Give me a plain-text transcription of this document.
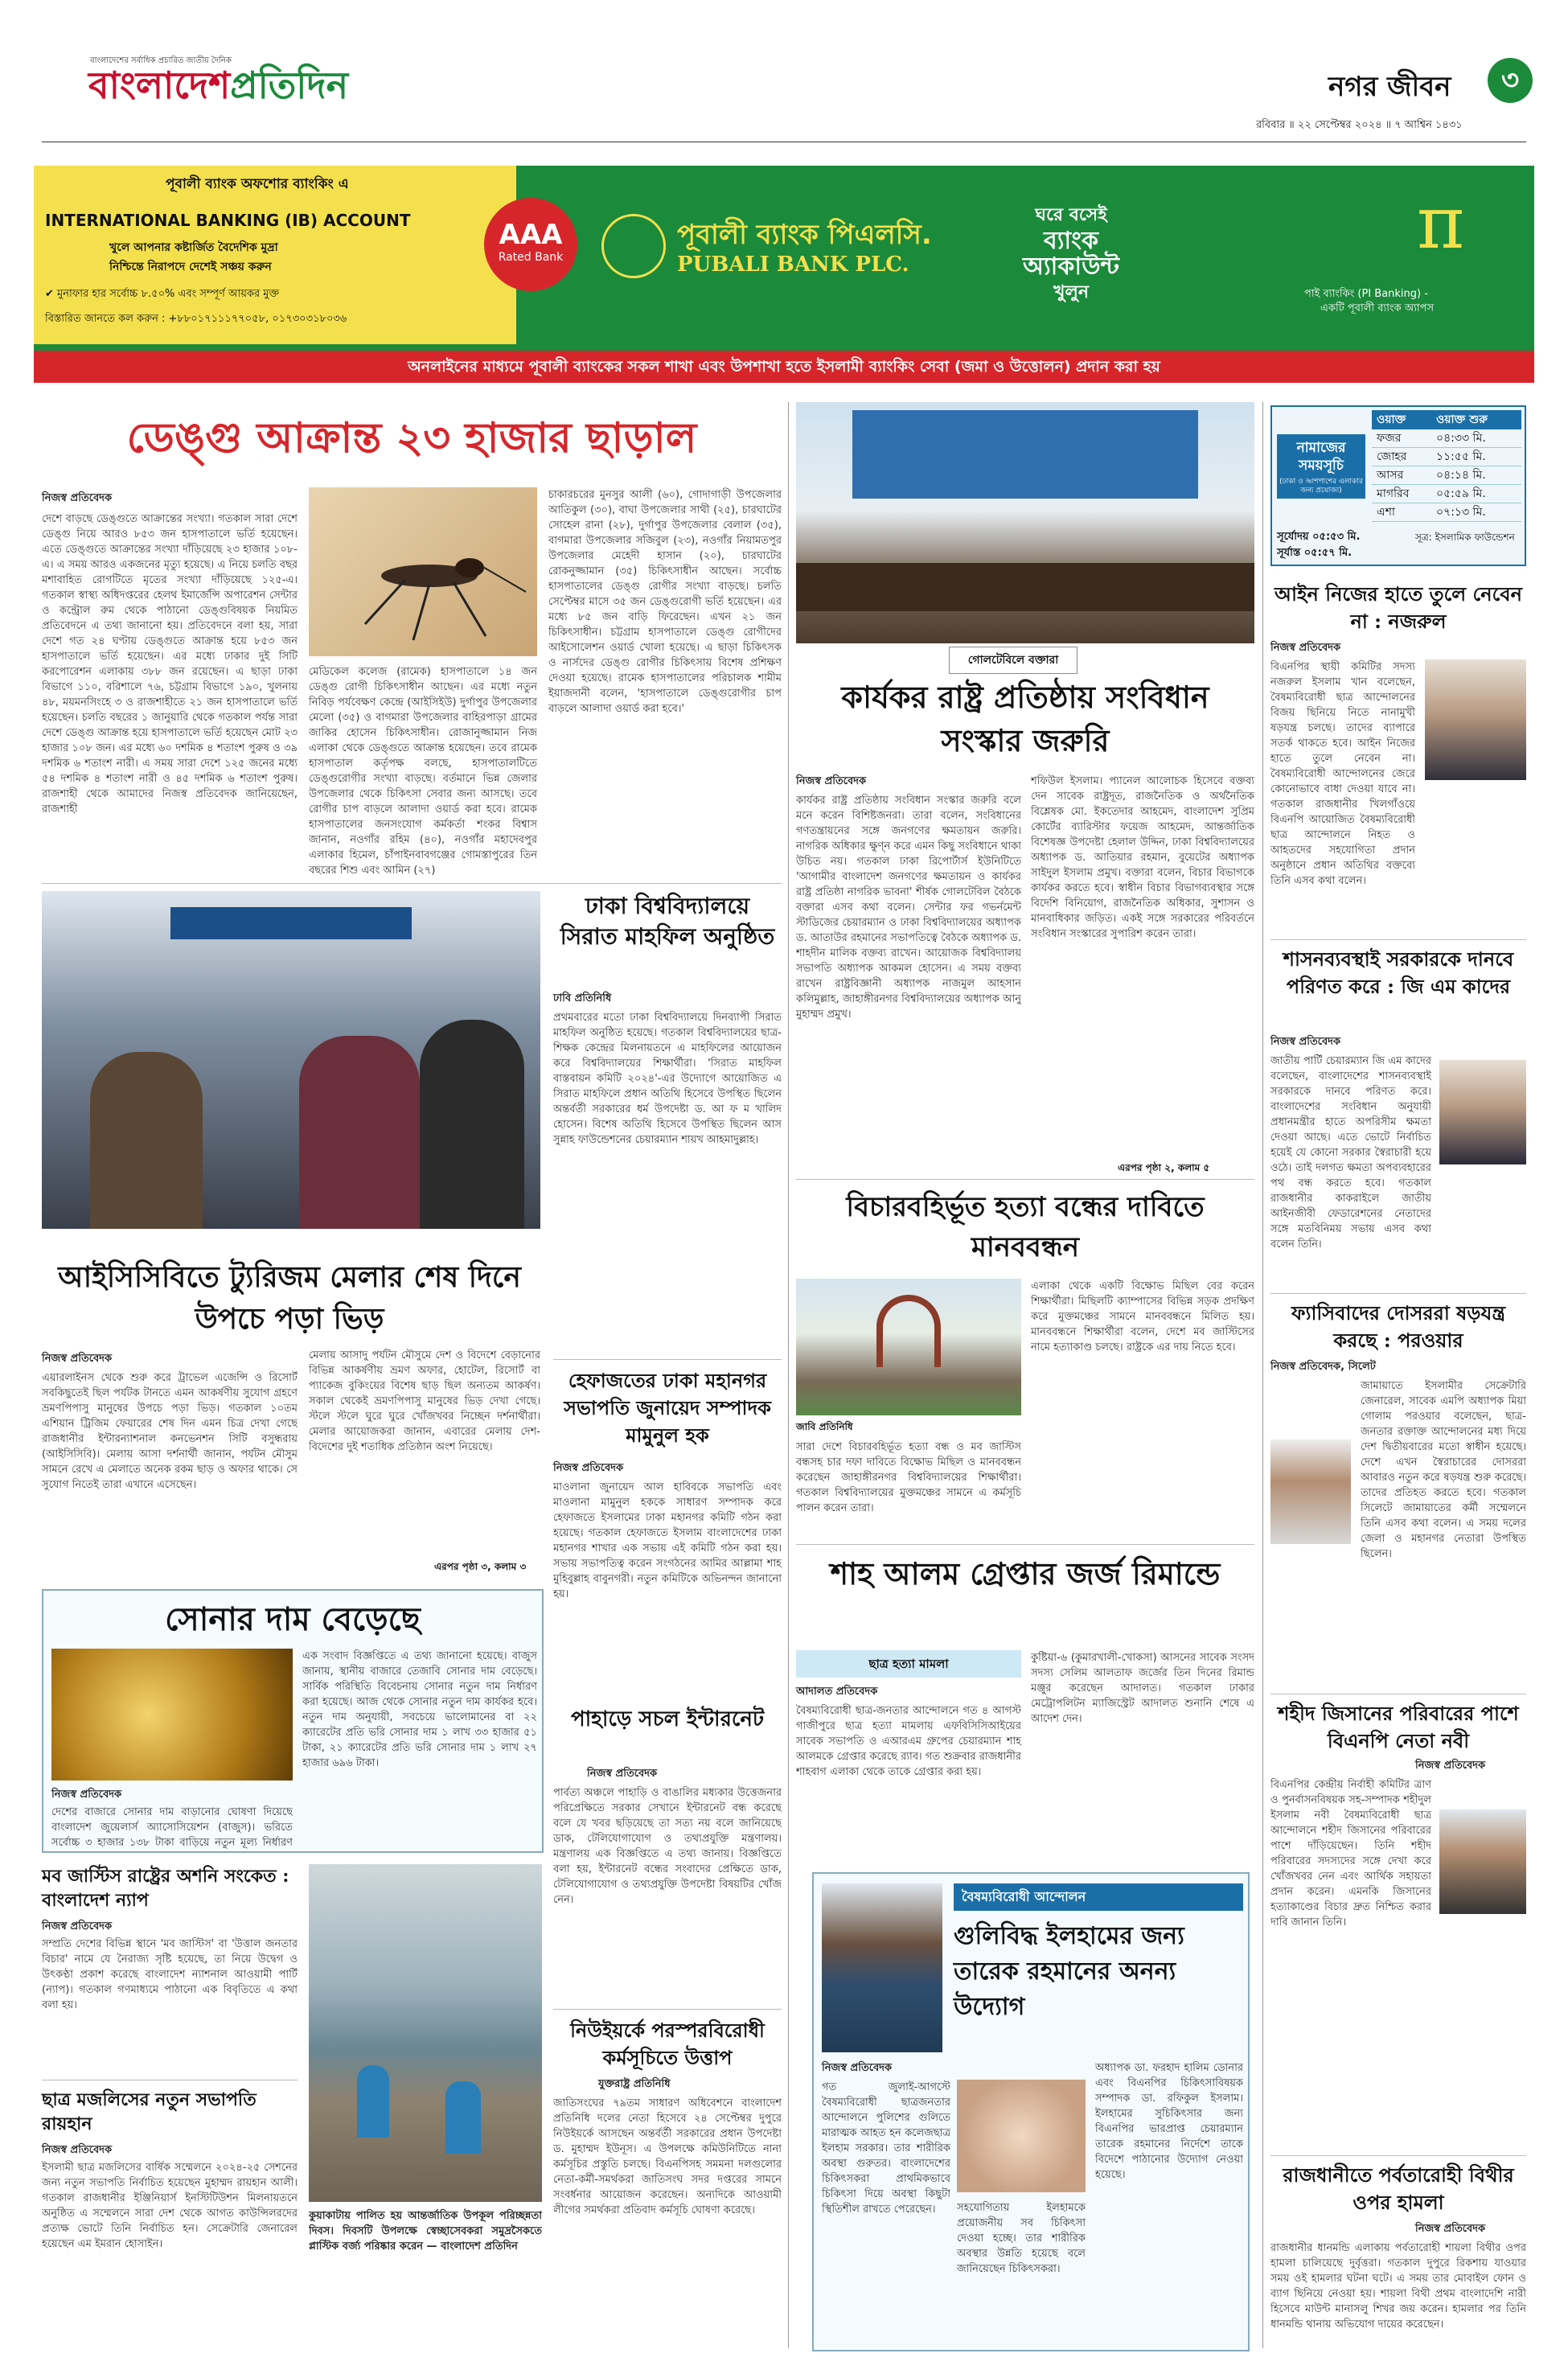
বাংলাদেশের সর্বাধিক প্রচারিত জাতীয় দৈনিক
বাংলাদেশপ্রতিদিন	নগর জীবন	৩
রবিবার ॥ ২২ সেপ্টেম্বর ২০২৪ ॥ ৭ আশ্বিন ১৪৩১
পূবালী ব্যাংক অফশোর ব্যাংকিং এ
INTERNATIONAL BANKING (IB) ACCOUNT
খুলে আপনার কষ্টার্জিত বৈদেশিক মুদ্রা
নিশ্চিন্তে নিরাপদে দেশেই সঞ্চয় করুন
✔ মুনাফার হার সর্বোচ্চ ৮.৫০% এবং সম্পূর্ণ আয়কর মুক্ত
বিস্তারিত জানতে কল করুন : +৮৮০১৭১১১৭৭০৫৮, ০১৭৩০৩১৮০৩৬
AAA
Rated Bank
পূবালী ব্যাংক পিএলসি.
PUBALI BANK PLC.
ঘরে বসেই
ব্যাংক
অ্যাকাউন্ট
খুলুন
π
পাই ব্যাংকিং (PI Banking) -
একটি পূবালী ব্যাংক অ্যাপস
অনলাইনের মাধ্যমে পূবালী ব্যাংকের সকল শাখা এবং উপশাখা হতে ইসলামী ব্যাংকিং সেবা (জমা ও উত্তোলন) প্রদান করা হয়
ডেঙ্গু আক্রান্ত ২৩ হাজার ছাড়াল
নিজস্ব প্রতিবেদক
দেশে বাড়ছে ডেঙ্গুতে আক্রান্তের সংখ্যা। গতকাল সারা দেশে ডেঙ্গু নিয়ে আরও ৮৫৩ জন হাসপাতালে ভর্তি হয়েছেন। এতে ডেঙ্গুতে আক্রান্তের সংখ্যা দাঁড়িয়েছে ২৩ হাজার ১০৮-এ। এ সময় আরও একজনের মৃত্যু হয়েছে। এ নিয়ে চলতি বছর মশাবাহিত রোগটিতে মৃতের সংখ্যা দাঁড়িয়েছে ১২৫-এ। গতকাল স্বাস্থ্য অধিদপ্তরের হেলথ ইমার্জেন্সি অপারেশন সেন্টার ও কন্ট্রোল রুম থেকে পাঠানো ডেঙ্গুবিষয়ক নিয়মিত প্রতিবেদনে এ তথ্য জানানো হয়। প্রতিবেদনে বলা হয়, সারা দেশে গত ২৪ ঘণ্টায় ডেঙ্গুতে আক্রান্ত হয়ে ৮৫৩ জন হাসপাতালে ভর্তি হয়েছেন। এর মধ্যে ঢাকার দুই সিটি করপোরেশন এলাকায় ৩৮৮ জন রয়েছেন। এ ছাড়া ঢাকা বিভাগে ১১০, বরিশালে ৭৬, চট্টগ্রাম বিভাগে ১৯০, খুলনায় ৪৮, ময়মনসিংহে ৩ ও রাজশাহীতে ২১ জন হাসপাতালে ভর্তি হয়েছেন। চলতি বছরের ১ জানুয়ারি থেকে গতকাল পর্যন্ত সারা দেশে ডেঙ্গু আক্রান্ত হয়ে হাসপাতালে ভর্তি হয়েছেন মোট ২৩ হাজার ১০৮ জন। এর মধ্যে ৬০ দশমিক ৪ শতাংশ পুরুষ ও ৩৯ দশমিক ৬ শতাংশ নারী। এ সময় সারা দেশে ১২৫ জনের মধ্যে ৫৪ দশমিক ৪ শতাংশ নারী ও ৪৫ দশমিক ৬ শতাংশ পুরুষ। রাজশাহী থেকে আমাদের নিজস্ব প্রতিবেদক জানিয়েছেন, রাজশাহী
মেডিকেল কলেজ (রামেক) হাসপাতালে ১৪ জন ডেঙ্গু রোগী চিকিৎসাধীন আছেন। এর মধ্যে নতুন নিবিড় পর্যবেক্ষণ কেন্দ্রে (আইসিইউ) দুর্গাপুর উপজেলার মেলো (৩৫) ও বাগমারা উপজেলার বাহিরপাড়া গ্রামের জাকির হোসেন চিকিৎসাধীন। রোজানুজ্জামান নিজ এলাকা থেকে ডেঙ্গুতে আক্রান্ত হয়েছেন। তবে রামেক হাসপাতাল কর্তৃপক্ষ বলছে, হাসপাতালটিতে ডেঙ্গুরোগীর সংখ্যা বাড়ছে। বর্তমানে ভিন্ন জেলার উপজেলার থেকে চিকিৎসা সেবার জন্য আসছে। তবে রোগীর চাপ বাড়লে আলাদা ওয়ার্ড করা হবে। রামেক হাসপাতালের জনসংযোগ কর্মকর্তা শংকর বিশ্বাস জানান, নওগাঁর রহিম (৪০), নওগাঁর মহাদেবপুর এলাকার হিমেল, চাঁপাইনবাবগঞ্জের গোমস্তাপুরের তিন বছরের শিশু এবং আমিন (২৭)
চাকারচরের মুনসুর আলী (৬০), গোদাগাড়ী উপজেলার আতিকুল (৩০), বাঘা উপজেলার সাথী (২৫), চারঘাটের সোহেল রানা (২৮), দুর্গাপুর উপজেলার বেলাল (৩৫), বাগমারা উপজেলার সজিবুল (২৩), নওগাঁর নিয়ামতপুর উপজেলার মেহেদী হাসান (২০), চারঘাটের রোকনুজ্জামান (৩৫) চিকিৎসাধীন আছেন। সর্বোচ্চ হাসপাতালের ডেঙ্গু রোগীর সংখ্যা বাড়ছে। চলতি সেপ্টেম্বর মাসে ৩৫ জন ডেঙ্গুরোগী ভর্তি হয়েছেন। এর মধ্যে ৮৫ জন বাড়ি ফিরেছেন। এখন ২১ জন চিকিৎসাধীন। চট্টগ্রাম হাসপাতালে ডেঙ্গু রোগীদের আইসোলেশন ওয়ার্ড খোলা হয়েছে। এ ছাড়া চিকিৎসক ও নার্সদের ডেঙ্গু রোগীর চিকিৎসায় বিশেষ প্রশিক্ষণ দেওয়া হয়েছে। রামেক হাসপাতালের পরিচালক শামীম ইয়াজদানী বলেন, 'হাসপাতালে ডেঙ্গুরোগীর চাপ বাড়লে আলাদা ওয়ার্ড করা হবে।'
আইসিসিবিতে ট্যুরিজম মেলার শেষ দিনে উপচে পড়া ভিড়
নিজস্ব প্রতিবেদক
এয়ারলাইনস থেকে শুরু করে ট্রাভেল এজেন্সি ও রিসোর্ট সবকিছুতেই ছিল পর্যটক টানতে এমন আকর্ষণীয় সুযোগ গ্রহণে ভ্রমণপিপাসু মানুষের উপচে পড়া ভিড়। গতকাল ১০তম এশিয়ান ট্রিজিম ফেয়ারের শেষ দিন এমন চিত্র দেখা গেছে রাজধানীর ইন্টারন্যাশনাল কনভেনশন সিটি বসুন্ধরায় (আইসিসিবি)। মেলায় আসা দর্শনার্থী জানান, পর্যটন মৌসুম সামনে রেখে এ মেলাতে অনেক রকম ছাড় ও অফার থাকে। সে সুযোগ নিতেই তারা এখানে এসেছেন।
মেলায় আসাদু পর্যটন মৌসুমে দেশ ও বিদেশে বেড়ানোর বিভিন্ন আকর্ষণীয় ভ্রমণ অফার, হোটেল, রিসোর্ট বা প্যাকেজ বুকিংয়ের বিশেষ ছাড় ছিল অন্যতম আকর্ষণ। সকাল থেকেই ভ্রমণপিপাসু মানুষের ভিড় দেখা গেছে। স্টলে স্টলে ঘুরে ঘুরে খোঁজখবর নিচ্ছেন দর্শনার্থীরা। মেলার আয়োজকরা জানান, এবারের মেলায় দেশ-বিদেশের দুই শতাধিক প্রতিষ্ঠান অংশ নিয়েছে।
এরপর পৃষ্ঠা ৩, কলাম ৩
ঢাকা বিশ্ববিদ্যালয়ে সিরাত মাহফিল অনুষ্ঠিত
ঢাবি প্রতিনিধি
প্রথমবারের মতো ঢাকা বিশ্ববিদ্যালয়ে দিনব্যাপী সিরাত মাহফিল অনুষ্ঠিত হয়েছে। গতকাল বিশ্ববিদ্যালয়ের ছাত্র-শিক্ষক কেন্দ্রের মিলনায়তনে এ মাহফিলের আয়োজন করে বিশ্ববিদ্যালয়ের শিক্ষার্থীরা। 'সিরাত মাহফিল বাস্তবায়ন কমিটি ২০২৪'-এর উদ্যোগে আয়োজিত এ সিরাত মাহফিলে প্রধান অতিথি হিসেবে উপস্থিত ছিলেন অন্তর্বর্তী সরকারের ধর্ম উপদেষ্টা ড. আ ফ ম খালিদ হোসেন। বিশেষ অতিথি হিসেবে উপস্থিত ছিলেন আস সুন্নাহ ফাউন্ডেশনের চেয়ারম্যান শায়খ আহমাদুল্লাহ।
হেফাজতের ঢাকা মহানগর সভাপতি জুনায়েদ সম্পাদক মামুনুল হক
নিজস্ব প্রতিবেদক
মাওলানা জুনায়েদ আল হাবিবকে সভাপতি এবং মাওলানা মামুনুল হককে সাধারণ সম্পাদক করে হেফাজতে ইসলামের ঢাকা মহানগর কমিটি গঠন করা হয়েছে। গতকাল হেফাজতে ইসলাম বাংলাদেশের ঢাকা মহানগর শাখার এক সভায় এই কমিটি গঠন করা হয়। সভায় সভাপতিত্ব করেন সংগঠনের আমির আল্লামা শাহ মুহিবুল্লাহ বাবুনগরী। নতুন কমিটিকে অভিনন্দন জানানো হয়।
সোনার দাম বেড়েছে
নিজস্ব প্রতিবেদক
দেশের বাজারে সোনার দাম বাড়ানোর ঘোষণা দিয়েছে বাংলাদেশ জুয়েলার্স অ্যাসোসিয়েশন (বাজুস)। ভরিতে সর্বোচ্চ ৩ হাজার ১৩৮ টাকা বাড়িয়ে নতুন মূল্য নির্ধারণ
এক সংবাদ বিজ্ঞপ্তিতে এ তথ্য জানানো হয়েছে। বাজুস জানায়, স্থানীয় বাজারে তেজাবি সোনার দাম বেড়েছে। সার্বিক পরিস্থিতি বিবেচনায় সোনার নতুন দাম নির্ধারণ করা হয়েছে। আজ থেকে সোনার নতুন দাম কার্যকর হবে। নতুন দাম অনুযায়ী, সবচেয়ে ভালোমানের বা ২২ ক্যারেটের প্রতি ভরি সোনার দাম ১ লাখ ৩৩ হাজার ৫১ টাকা, ২১ ক্যারেটের প্রতি ভরি সোনার দাম ১ লাখ ২৭ হাজার ৬৯৬ টাকা।
মব জাস্টিস রাষ্ট্রের অশনি সংকেত : বাংলাদেশ ন্যাপ
নিজস্ব প্রতিবেদক
সম্প্রতি দেশের বিভিন্ন স্থানে 'মব জাস্টিস' বা 'উত্তাল জনতার বিচার' নামে যে নৈরাজ্য সৃষ্টি হয়েছে, তা নিয়ে উদ্বেগ ও উৎকণ্ঠা প্রকাশ করেছে বাংলাদেশ ন্যাশনাল আওয়ামী পার্টি (ন্যাপ)। গতকাল গণমাধ্যমে পাঠানো এক বিবৃতিতে এ কথা বলা হয়।
ছাত্র মজলিসের নতুন সভাপতি রায়হান
নিজস্ব প্রতিবেদক
ইসলামী ছাত্র মজলিসের বার্ষিক সম্মেলনে ২০২৪-২৫ সেশনের জন্য নতুন সভাপতি নির্বাচিত হয়েছেন মুহাম্মদ রায়হান আলী। গতকাল রাজধানীর ইঞ্জিনিয়ার্স ইনস্টিটিউশন মিলনায়তনে অনুষ্ঠিত এ সম্মেলনে সারা দেশ থেকে আগত কাউন্সিলরদের প্রত্যক্ষ ভোটে তিনি নির্বাচিত হন। সেক্রেটারি জেনারেল হয়েছেন এম ইমরান হোসাইন।
কুয়াকাটায় পালিত হয় আন্তর্জাতিক উপকূল পরিচ্ছন্নতা দিবস। দিবসটি উপলক্ষে স্বেচ্ছাসেবকরা সমুদ্রসৈকতে প্লাস্টিক বর্জ্য পরিষ্কার করেন — বাংলাদেশ প্রতিদিন
পাহাড়ে সচল ইন্টারনেট
নিজস্ব প্রতিবেদক
পার্বত্য অঞ্চলে পাহাড়ি ও বাঙালির মধ্যকার উত্তেজনার পরিপ্রেক্ষিতে সরকার সেখানে ইন্টারনেট বন্ধ করেছে বলে যে খবর ছড়িয়েছে তা সত্য নয় বলে জানিয়েছে ডাক, টেলিযোগাযোগ ও তথ্যপ্রযুক্তি মন্ত্রণালয়। মন্ত্রণালয় এক বিজ্ঞপ্তিতে এ তথ্য জানায়। বিজ্ঞপ্তিতে বলা হয়, ইন্টারনেট বন্ধের সংবাদের প্রেক্ষিতে ডাক, টেলিযোগাযোগ ও তথ্যপ্রযুক্তি উপদেষ্টা বিষয়টির খোঁজ নেন।
নিউইয়র্কে পরস্পরবিরোধী কর্মসূচিতে উত্তাপ
যুক্তরাষ্ট্র প্রতিনিধি
জাতিসংঘের ৭৯তম সাধারণ অধিবেশনে বাংলাদেশ প্রতিনিধি দলের নেতা হিসেবে ২৪ সেপ্টেম্বর দুপুরে নিউইয়র্কে আসছেন অন্তর্বর্তী সরকারের প্রধান উপদেষ্টা ড. মুহাম্মদ ইউনূস। এ উপলক্ষে কমিউনিটিতে নানা কর্মসূচির প্রস্তুতি চলছে। বিএনপিসহ সমমনা দলগুলোর নেতা-কর্মী-সমর্থকরা জাতিসংঘ সদর দপ্তরের সামনে সংবর্ধনার আয়োজন করেছেন। অন্যদিকে আওয়ামী লীগের সমর্থকরা প্রতিবাদ কর্মসূচি ঘোষণা করেছে।
গোলটেবিলে বক্তারা
কার্যকর রাষ্ট্র প্রতিষ্ঠায় সংবিধান সংস্কার জরুরি
নিজস্ব প্রতিবেদক
কার্যকর রাষ্ট্র প্রতিষ্ঠায় সংবিধান সংস্কার জরুরি বলে মনে করেন বিশিষ্টজনরা। তারা বলেন, সংবিধানের গণতন্ত্রায়নের সঙ্গে জনগণের ক্ষমতায়ন জরুরি। নাগরিক অধিকার ক্ষুণ্ন করে এমন কিছু সংবিধানে থাকা উচিত নয়। গতকাল ঢাকা রিপোর্টার্স ইউনিটিতে 'আগামীর বাংলাদেশ জনগণের ক্ষমতায়ন ও কার্যকর রাষ্ট্র প্রতিষ্ঠা নাগরিক ভাবনা' শীর্ষক গোলটেবিল বৈঠকে বক্তারা এসব কথা বলেন। সেন্টার ফর গভর্নমেন্ট স্টাডিজের চেয়ারম্যান ও ঢাকা বিশ্ববিদ্যালয়ের অধ্যাপক ড. আতাউর রহমানের সভাপতিত্বে বৈঠকে অধ্যাপক ড. শাহদীন মালিক বক্তব্য রাখেন। আয়োজক বিশ্ববিদ্যালয় সভাপতি অধ্যাপক আকমল হোসেন। এ সময় বক্তব্য রাখেন রাষ্ট্রবিজ্ঞানী অধ্যাপক নাজমুল আহসান কলিমুল্লাহ, জাহাঙ্গীরনগর বিশ্ববিদ্যালয়ের অধ্যাপক আনু মুহাম্মদ প্রমুখ।
শফিউল ইসলাম। প্যানেল আলোচক হিসেবে বক্তব্য দেন সাবেক রাষ্ট্রদূত, রাজনৈতিক ও অর্থনৈতিক বিশ্লেষক মো. ইকতেদার আহমেদ, বাংলাদেশ সুপ্রিম কোর্টের ব্যারিস্টার ফয়েজ আহমেদ, আন্তর্জাতিক বিশেষজ্ঞ উপদেষ্টা হেলাল উদ্দিন, ঢাকা বিশ্ববিদ্যালয়ের অধ্যাপক ড. আতিয়ার রহমান, বুয়েটের অধ্যাপক সাইদুল ইসলাম প্রমুখ। বক্তারা বলেন, বিচার বিভাগকে কার্যকর করতে হবে। স্বাধীন বিচার বিভাগব্যবস্থার সঙ্গে বিদেশি বিনিয়োগ, রাজনৈতিক অধিকার, সুশাসন ও মানবাধিকার জড়িত। একই সঙ্গে সরকারের পরিবর্তনে সংবিধান সংস্কারের সুপারিশ করেন তারা।
এরপর পৃষ্ঠা ২, কলাম ৫
বিচারবহির্ভূত হত্যা বন্ধের দাবিতে মানববন্ধন
জাবি প্রতিনিধি
সারা দেশে বিচারবহির্ভূত হত্যা বন্ধ ও মব জাস্টিস বন্ধসহ চার দফা দাবিতে বিক্ষোভ মিছিল ও মানববন্ধন করেছেন জাহাঙ্গীরনগর বিশ্ববিদ্যালয়ের শিক্ষার্থীরা। গতকাল বিশ্ববিদ্যালয়ের মুক্তমঞ্চের সামনে এ কর্মসূচি পালন করেন তারা।
এলাকা থেকে একটি বিক্ষোভ মিছিল বের করেন শিক্ষার্থীরা। মিছিলটি ক্যাম্পাসের বিভিন্ন সড়ক প্রদক্ষিণ করে মুক্তমঞ্চের সামনে মানববন্ধনে মিলিত হয়। মানববন্ধনে শিক্ষার্থীরা বলেন, দেশে মব জাস্টিসের নামে হত্যাকাণ্ড চলছে। রাষ্ট্রকে এর দায় নিতে হবে।
শাহ আলম গ্রেপ্তার জর্জ রিমান্ডে
ছাত্র হত্যা মামলা
আদালত প্রতিবেদক
বৈষম্যবিরোধী ছাত্র-জনতার আন্দোলনে গত ৪ আগস্ট গাজীপুরে ছাত্র হত্যা মামলায় এফবিসিসিআইয়ের সাবেক সভাপতি ও এআরএম গ্রুপের চেয়ারম্যান শাহ আলমকে গ্রেপ্তার করেছে র‍্যাব। গত শুক্রবার রাজধানীর শাহবাগ এলাকা থেকে তাকে গ্রেপ্তার করা হয়।
কুষ্টিয়া-৬ (কুমারখালী-খোকসা) আসনের সাবেক সংসদ সদস্য সেলিম আলতাফ জর্জের তিন দিনের রিমান্ড মঞ্জুর করেছেন আদালত। গতকাল ঢাকার মেট্রোপলিটন ম্যাজিস্ট্রেট আদালত শুনানি শেষে এ আদেশ দেন।
বৈষম্যবিরোধী আন্দোলন
গুলিবিদ্ধ ইলহামের জন্য তারেক রহমানের অনন্য উদ্যোগ
নিজস্ব প্রতিবেদক
গত জুলাই-আগস্টে বৈষম্যবিরোধী ছাত্রজনতার আন্দোলনে পুলিশের গুলিতে মারাত্মক আহত হন কলেজছাত্র ইলহাম সরকার। তার শারীরিক অবস্থা গুরুতর। বাংলাদেশের চিকিৎসকরা প্রাথমিকভাবে চিকিৎসা দিয়ে অবস্থা কিছুটা স্থিতিশীল রাখতে পেরেছেন।	সহযোগিতায় ইলহামকে প্রয়োজনীয় সব চিকিৎসা দেওয়া হচ্ছে। তার শারীরিক অবস্থার উন্নতি হয়েছে বলে জানিয়েছেন চিকিৎসকরা।
অধ্যাপক ডা. ফরহাদ হালিম ডোনার এবং বিএনপির চিকিৎসাবিষয়ক সম্পাদক ডা. রফিকুল ইসলাম। ইলহামের সুচিকিৎসার জন্য বিএনপির ভারপ্রাপ্ত চেয়ারম্যান তারেক রহমানের নির্দেশে তাকে বিদেশে পাঠানোর উদ্যোগ নেওয়া হয়েছে।
নামাজের সময়সূচি
(ঢাকা ও আশপাশের এলাকার জন্য প্রযোজ্য)
ওয়াক্ত	ওয়াক্ত শুরু
ফজর	০৪:৩৩ মি.
জোহর	১১:৫৫ মি.
আসর	০৪:১৪ মি.
মাগরিব	০৫:৫৯ মি.
এশা	০৭:১৩ মি.
সূর্যোদয় ০৫:৫৩ মি.
সূর্যাস্ত ০৫:৫৭ মি.
সূত্র: ইসলামিক ফাউন্ডেশন
আইন নিজের হাতে তুলে নেবেন না : নজরুল
নিজস্ব প্রতিবেদক
বিএনপির স্থায়ী কমিটির সদস্য নজরুল ইসলাম খান বলেছেন, বৈষম্যবিরোধী ছাত্র আন্দোলনের বিজয় ছিনিয়ে নিতে নানামুখী ষড়যন্ত্র চলছে। তাদের ব্যাপারে সতর্ক থাকতে হবে। আইন নিজের হাতে তুলে নেবেন না। বৈষম্যবিরোধী আন্দোলনের জেরে কোনোভাবে বাধা দেওয়া যাবে না। গতকাল রাজধানীর খিলগাঁওয়ে বিএনপি আয়োজিত বৈষম্যবিরোধী ছাত্র আন্দোলনে নিহত ও আহতদের সহযোগিতা প্রদান অনুষ্ঠানে প্রধান অতিথির বক্তব্যে তিনি এসব কথা বলেন।
শাসনব্যবস্থাই সরকারকে দানবে পরিণত করে : জি এম কাদের
নিজস্ব প্রতিবেদক
জাতীয় পার্টি চেয়ারম্যান জি এম কাদের বলেছেন, বাংলাদেশের শাসনব্যবস্থাই সরকারকে দানবে পরিণত করে। বাংলাদেশের সংবিধান অনুযায়ী প্রধানমন্ত্রীর হাতে অপরিসীম ক্ষমতা দেওয়া আছে। এতে ভোটে নির্বাচিত হয়েই যে কোনো সরকার স্বৈরাচারী হয়ে ওঠে। তাই দলগত ক্ষমতা অপব্যবহারের পথ বন্ধ করতে হবে। গতকাল রাজধানীর কাকরাইলে জাতীয় আইনজীবী ফেডারেশনের নেতাদের সঙ্গে মতবিনিময় সভায় এসব কথা বলেন তিনি।
ফ্যাসিবাদের দোসররা ষড়যন্ত্র করছে : পরওয়ার
নিজস্ব প্রতিবেদক, সিলেট
জামায়াতে ইসলামীর সেক্রেটারি জেনারেল, সাবেক এমপি অধ্যাপক মিয়া গোলাম পরওয়ার বলেছেন, ছাত্র-জনতার রক্তাক্ত আন্দোলনের মধ্য দিয়ে দেশ দ্বিতীয়বারের মতো স্বাধীন হয়েছে। দেশে এখন স্বৈরাচারের দোসররা আবারও নতুন করে ষড়যন্ত্র শুরু করেছে। তাদের প্রতিহত করতে হবে। গতকাল সিলেটে জামায়াতের কর্মী সম্মেলনে তিনি এসব কথা বলেন। এ সময় দলের জেলা ও মহানগর নেতারা উপস্থিত ছিলেন।
শহীদ জিসানের পরিবারের পাশে বিএনপি নেতা নবী
নিজস্ব প্রতিবেদক
বিএনপির কেন্দ্রীয় নির্বাহী কমিটির ত্রাণ ও পুনর্বাসনবিষয়ক সহ-সম্পাদক শহীদুল ইসলাম নবী বৈষম্যবিরোধী ছাত্র আন্দোলনে শহীদ জিসানের পরিবারের পাশে দাঁড়িয়েছেন। তিনি শহীদ পরিবারের সদস্যদের সঙ্গে দেখা করে খোঁজখবর নেন এবং আর্থিক সহায়তা প্রদান করেন। এমনকি জিসানের হত্যাকাণ্ডের বিচার দ্রুত নিশ্চিত করার দাবি জানান তিনি।
রাজধানীতে পর্বতারোহী বিথীর ওপর হামলা
নিজস্ব প্রতিবেদক
রাজধানীর ধানমন্ডি এলাকায় পর্বতারোহী শায়লা বিথীর ওপর হামলা চালিয়েছে দুর্বৃত্তরা। গতকাল দুপুরে রিকশায় যাওয়ার সময় ওই হামলার ঘটনা ঘটে। এ সময় তার মোবাইল ফোন ও ব্যাগ ছিনিয়ে নেওয়া হয়। শায়লা বিথী প্রথম বাংলাদেশি নারী হিসেবে মাউন্ট মানাসলু শিখর জয় করেন। হামলার পর তিনি ধানমন্ডি থানায় অভিযোগ দায়ের করেছেন।
